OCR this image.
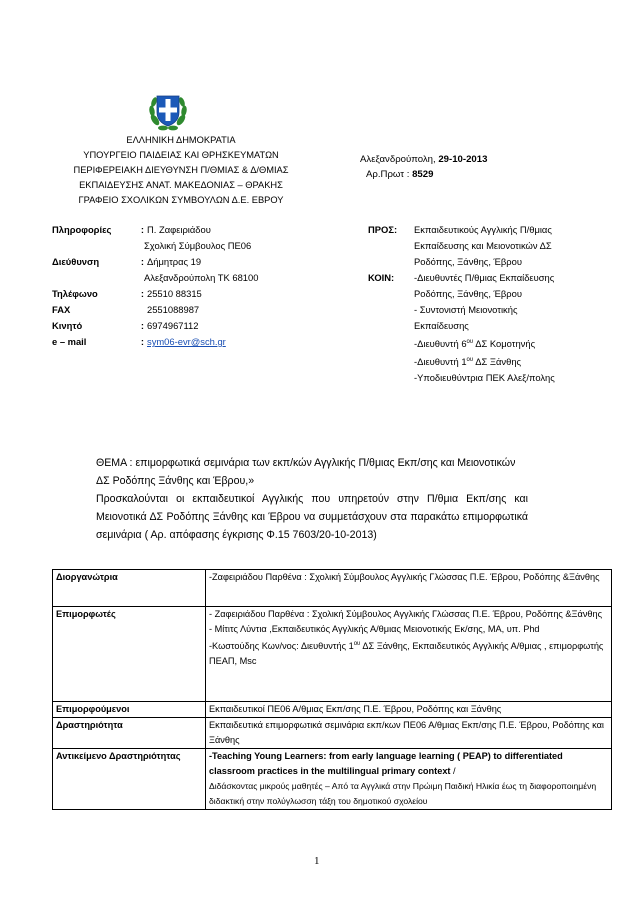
ΕΛΛΗΝΙΚΗ ΔΗΜΟΚΡΑΤΙΑ
ΥΠΟΥΡΓΕΙΟ ΠΑΙΔΕΙΑΣ ΚΑΙ ΘΡΗΣΚΕΥΜΑΤΩΝ
ΠΕΡΙΦΕΡΕΙΑΚΗ ΔΙΕΥΘΥΝΣΗ Π/ΘΜΙΑΣ & Δ/ΘΜΙΑΣ
ΕΚΠΑΙΔΕΥΣΗΣ ΑΝΑΤ. ΜΑΚΕΔΟΝΙΑΣ – ΘΡΑΚΗΣ
ΓΡΑΦΕΙΟ ΣΧΟΛΙΚΩΝ ΣΥΜΒΟΥΛΩΝ Δ.Ε. ΕΒΡΟΥ
Αλεξανδρούπολη, 29-10-2013
Αρ.Πρωτ : 8529
Πληροφορίες	: Π. Ζαφειριάδου
Σχολική Σύμβουλος ΠΕ06
Διεύθυνση	: Δήμητρας 19
Αλεξανδρούπολη ΤΚ 68100
Τηλέφωνο	: 25510 88315
FAX	2551088987
Κινητό	: 6974967112
e – mail	: sym06-evr@sch.gr
ΠΡΟΣ:	Εκπαιδευτικούς Αγγλικής Π/θμιας
Εκπαίδευσης και Μειονοτικών ΔΣ
Ροδόπης, Ξάνθης, Έβρου
ΚΟΙΝ:	-Διευθυντές Π/θμιας Εκπαίδευσης
Ροδόπης, Ξάνθης, Έβρου
- Συντονιστή Μειονοτικής
Εκπαίδευσης
-Διευθυντή $6^{o\upsilon}$ ΔΣ Κομοτηνής
-Διευθυντή $1^{o\upsilon}$ ΔΣ Ξάνθης
-Υποδιευθύντρια ΠΕΚ Αλεξ/πολης

ΘΕΜΑ : επιμορφωτικά σεμινάρια των εκπ/κών Αγγλικής Π/θμιας Εκπ/σης και Μειονοτικών ΔΣ Ροδόπης Ξάνθης και Έβρου,»

Προσκαλούνται οι εκπαιδευτικοί Αγγλικής που υπηρετούν στην Π/θμια Εκπ/σης και Μειονοτικά ΔΣ Ροδόπης Ξάνθης και Έβρου να συμμετάσχουν στα παρακάτω επιμορφωτικά σεμινάρια ( Αρ. απόφασης έγκρισης Φ.15 7603/20-10-2013)

Διοργανώτρια	-Ζαφειριάδου Παρθένα : Σχολική Σύμβουλος Αγγλικής Γλώσσας Π.Ε. Έβρου, Ροδόπης &Ξάνθης
Επιμορφωτές	- Ζαφειριάδου Παρθένα : Σχολική Σύμβουλος Αγγλικής Γλώσσας Π.Ε. Έβρου, Ροδόπης &Ξάνθης
- Μίτιτς Λύντια ,Εκπαιδευτικός Αγγλικής Α/θμιας Μειονοτικής Εκ/σης, ΜΑ, υπ. Phd
-Κωστούδης Κων/νος: Διευθυντής $1^{o\upsilon}$ ΔΣ Ξάνθης, Εκπαιδευτικός Αγγλικής Α/θμιας , επιμορφωτής ΠΕΑΠ, Msc

Επιμορφούμενοι	Εκπαιδευτικοί ΠΕ06 Α/θμιας Εκπ/σης Π.Ε. Έβρου, Ροδόπης και Ξάνθης
Δραστηριότητα	Εκπαιδευτικά επιμορφωτικά σεμινάρια εκπ/κων ΠΕ06 Α/θμιας Εκπ/σης Π.Ε. Έβρου, Ροδόπης και Ξάνθης
Αντικείμενο Δραστηριότητας	-Teaching Young Learners: from early language learning ( PEAP) to differentiated classroom practices in the multilingual primary context /
Διδάσκοντας μικρούς μαθητές – Από τα Αγγλικά στην Πρώιμη Παιδική Ηλικία έως τη διαφοροποιημένη διδακτική στην πολύγλωσση τάξη του δημοτικού σχολείου
1
